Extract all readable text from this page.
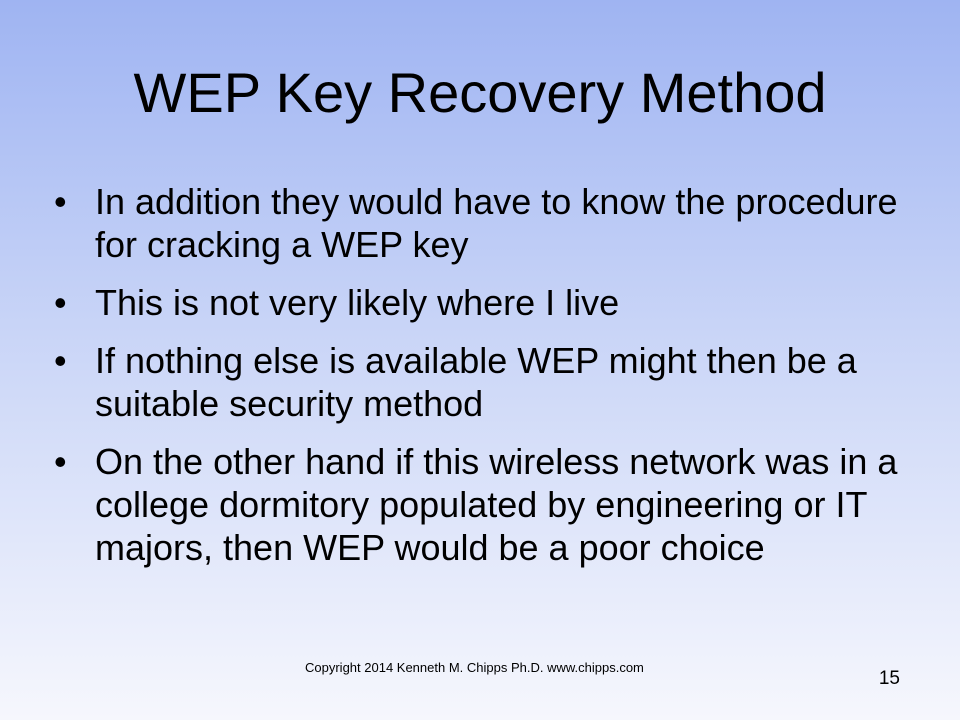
WEP Key Recovery Method
• In addition they would have to know the procedure for cracking a WEP key
• This is not very likely where I live
• If nothing else is available WEP might then be a suitable security method
• On the other hand if this wireless network was in a college dormitory populated by engineering or IT majors, then WEP would be a poor choice
Copyright 2014 Kenneth M. Chipps Ph.D. www.chipps.com
15
